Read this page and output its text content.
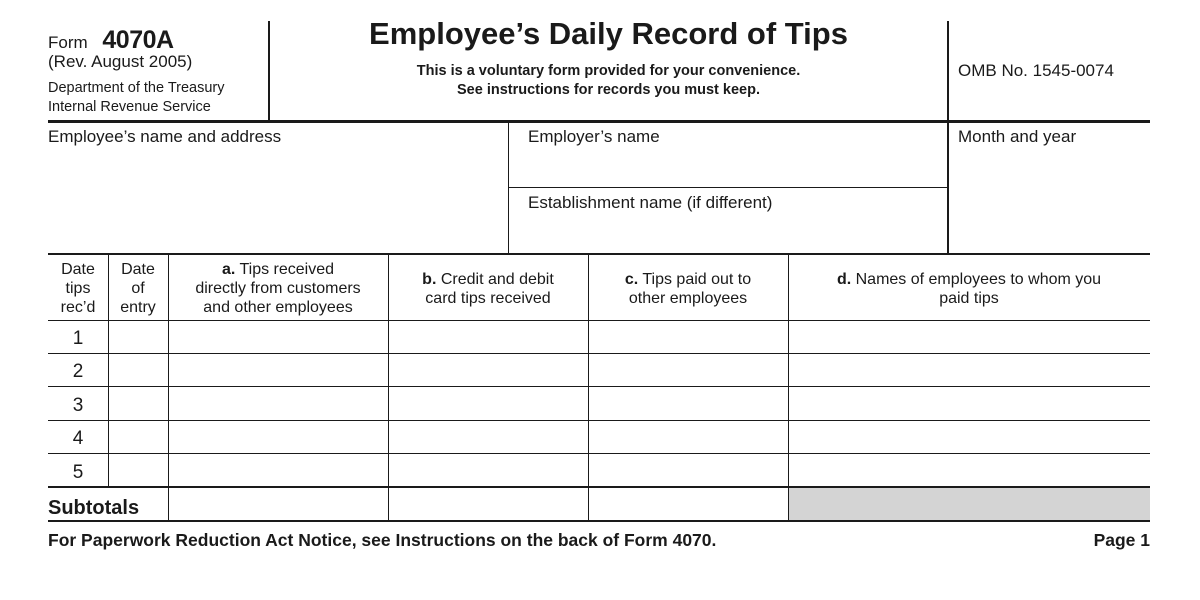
Form 4070A
(Rev. August 2005)
Department of the Treasury
Internal Revenue Service
Employee’s Daily Record of Tips
This is a voluntary form provided for your convenience.
See instructions for records you must keep.
OMB No. 1545-0074
Employee’s name and address	Employer’s name
Establishment name (if different)
Month and year
Date
tips
rec’d
Date
of
entry
a. Tips received
directly from customers
and other employees
b. Credit and debit
card tips received
c. Tips paid out to
other employees
d. Names of employees to whom you
paid tips
1
2
3
4
5
Subtotals
For Paperwork Reduction Act Notice, see Instructions on the back of Form 4070.	Page 1
